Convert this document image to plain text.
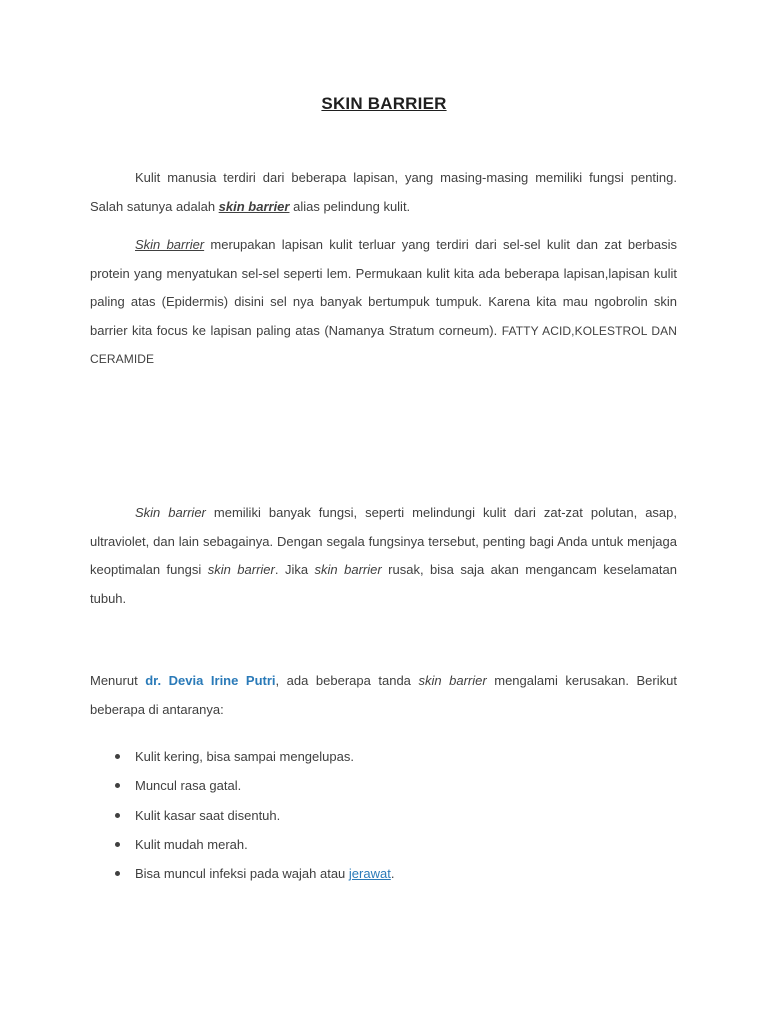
SKIN BARRIER

Kulit manusia terdiri dari beberapa lapisan, yang masing-masing memiliki fungsi penting. Salah satunya adalah skin barrier alias pelindung kulit.

Skin barrier merupakan lapisan kulit terluar yang terdiri dari sel-sel kulit dan zat berbasis protein yang menyatukan sel-sel seperti lem. Permukaan kulit kita ada beberapa lapisan,lapisan kulit paling atas (Epidermis) disini sel nya banyak bertumpuk tumpuk. Karena kita mau ngobrolin skin barrier kita focus ke lapisan paling atas (Namanya Stratum corneum). FATTY ACID,KOLESTROL DAN CERAMIDE

Skin barrier memiliki banyak fungsi, seperti melindungi kulit dari zat-zat polutan, asap, ultraviolet, dan lain sebagainya. Dengan segala fungsinya tersebut, penting bagi Anda untuk menjaga keoptimalan fungsi skin barrier. Jika skin barrier rusak, bisa saja akan mengancam keselamatan tubuh.

Menurut dr. Devia Irine Putri, ada beberapa tanda skin barrier mengalami kerusakan. Berikut beberapa di antaranya:

Kulit kering, bisa sampai mengelupas.
Muncul rasa gatal.
Kulit kasar saat disentuh.
Kulit mudah merah.
Bisa muncul infeksi pada wajah atau jerawat.
